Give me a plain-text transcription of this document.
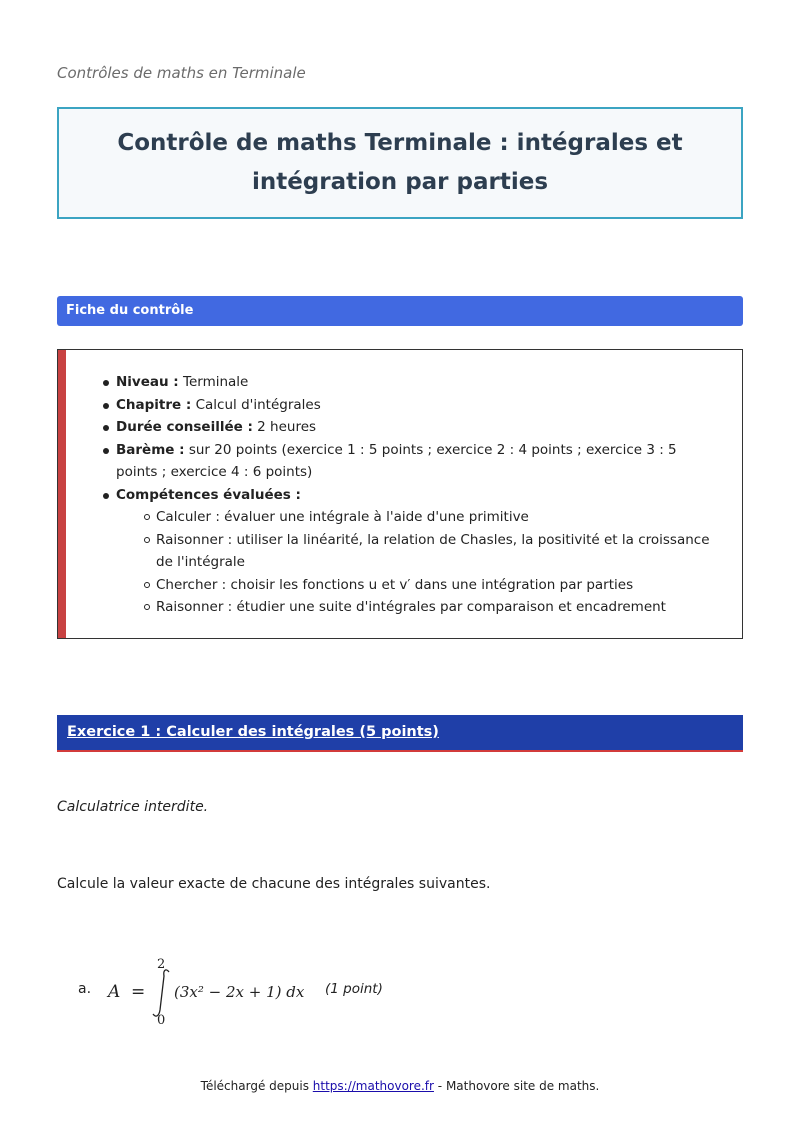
Contrôles de maths en Terminale
Contrôle de maths Terminale : intégrales et intégration par parties
Fiche du contrôle
Niveau : Terminale
Chapitre : Calcul d'intégrales
Durée conseillée : 2 heures
Barème : sur 20 points (exercice 1 : 5 points ; exercice 2 : 4 points ; exercice 3 : 5 points ; exercice 4 : 6 points)
Compétences évaluées :
Calculer : évaluer une intégrale à l'aide d'une primitive
Raisonner : utiliser la linéarité, la relation de Chasles, la positivité et la croissance de l'intégrale
Chercher : choisir les fonctions u et v′ dans une intégration par parties
Raisonner : étudier une suite d'intégrales par comparaison et encadrement
Exercice 1 : Calculer des intégrales (5 points)
Calculatrice interdite.
Calcule la valeur exacte de chacune des intégrales suivantes.
a. A =
2
0
(3x² − 2x + 1) dx (1 point)
Téléchargé depuis https://mathovore.fr - Mathovore site de maths.
